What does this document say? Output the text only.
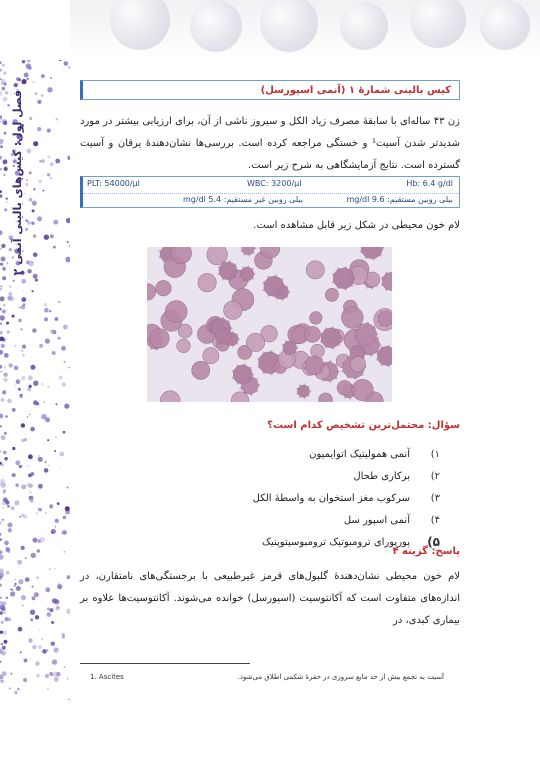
فصل اول: کیس‌های بالینی آنمی ۲
کیس بالینی شمارهٔ ۱ (آنمی اسپورسل)
زن ۴۳ ساله‌ای با سابقهٔ مصرف زیاد الکل و سیروز ناشی از آن، برای ارزیابی بیشتر در مورد شدیدتر شدن آسیت¹ و خستگی مراجعه کرده است. بررسی‌ها نشان‌دهندهٔ یرقان و آسیت گسترده است. نتایج آزمایشگاهی به شرح زیر است.
PLT: 54000/μl	WBC: 3200/μl	Hb: 6.4 g/dl
بیلی روبین غیر مستقیم: 5.4 mg/dl	بیلی روبین مستقیم: 9.6 mg/dl
لام خون محیطی در شکل زیر قابل مشاهده است.
سؤال: محتمل‌ترین تشخیص کدام است؟
۱)
آنمی همولیتیک اتوایمیون
۲)
برکاری طحال
۳)
سرکوب مغز استخوان به واسطهٔ الکل
۴)
آنمی اسپور سل
۵)
پورپورای ترومبوتیک ترومبوسیتوپنیک
پاسخ: گزینه ۴
لام خون محیطی نشان‌دهندهٔ گلبول‌های قرمز غیرطبیعی با برجستگی‌های نامتقارن، در اندازه‌های متفاوت است که آکانتوسیت (اسپورسل) خوانده می‌شوند. آکانتوسیت‌ها علاوه بر بیماری کبدی، در
1. Ascites	آسیت به تجمع بیش از حد مایع سروزی در حفرهٔ شکمی اطلاق می‌شود.
